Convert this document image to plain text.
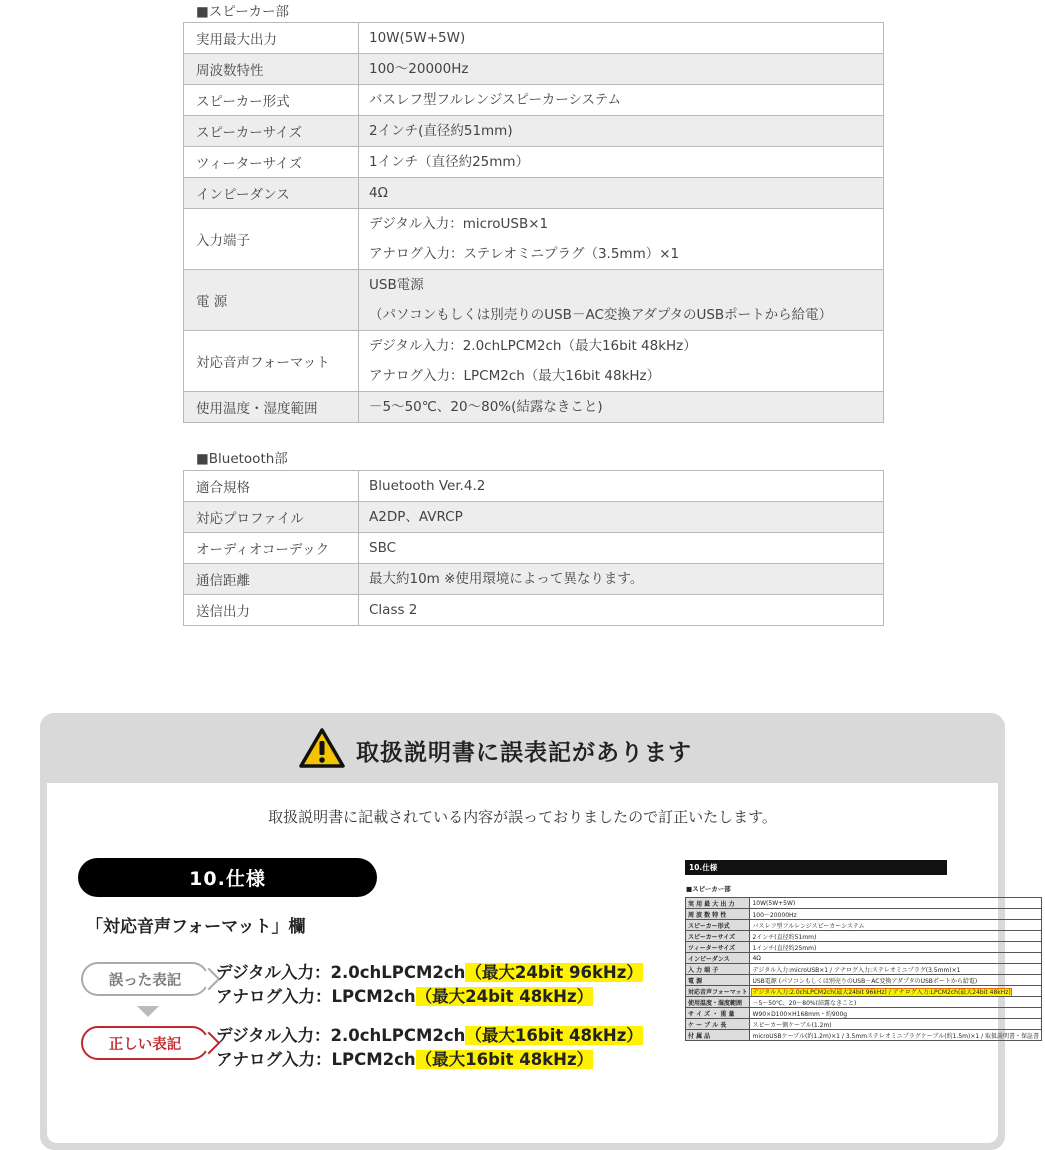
■スピーカー部
実用最大出力	10W(5W+5W)

周波数特性	100～20000Hz

スピーカー形式	バスレフ型フルレンジスピーカーシステム

スピーカーサイズ	2インチ(直径約51mm)

ツィーターサイズ	1インチ（直径約25mm）

インピーダンス	4Ω

入力端子	デジタル入力：microUSB×1
アナログ入力：ステレオミニプラグ（3.5mm）×1

電 源	USB電源
（パソコンもしくは別売りのUSB－AC変換アダプタのUSBポートから給電）

対応音声フォーマット	デジタル入力：2.0chLPCM2ch（最大16bit 48kHz）
アナログ入力：LPCM2ch（最大16bit 48kHz）

使用温度・湿度範囲	－5～50℃、20～80%(結露なきこと)
■Bluetooth部
適合規格	Bluetooth Ver.4.2

対応プロファイル	A2DP、AVRCP

オーディオコーデック	SBC

通信距離	最大約10m ※使用環境によって異なります。

送信出力	Class 2
取扱説明書に誤表記があります
取扱説明書に記載されている内容が誤っておりましたので訂正いたします。
10.仕様
「対応音声フォーマット」欄
誤った表記
正しい表記
デジタル入力：2.0chLPCM2ch（最大24bit 96kHz）
アナログ入力：LPCM2ch（最大24bit 48kHz）
デジタル入力：2.0chLPCM2ch（最大16bit 48kHz）
アナログ入力：LPCM2ch（最大16bit 48kHz）
10.仕様
■スピーカー部
実 用 最 大 出 力	10W(5W+5W)
周 波 数 特 性	100～20000Hz
スピーカー形式	バスレフ型フルレンジスピーカーシステム
スピーカーサイズ	2インチ(直径約51mm)
ツィーターサイズ	1インチ(直径約25mm)
インピーダンス	4Ω
入 力 端 子	デジタル入力:microUSB×1 / アナログ入力:ステレオミニプラグ(3.5mm)×1
電 源	USB電源 (パソコンもしくは別売りのUSB－AC変換アダプタのUSBポートから給電)
対応音声フォーマット	デジタル入力:2.0chLPCM2ch(最大24bit 96kHz) / アナログ入力:LPCM2ch(最大24bit 48kHz)
使用温度・湿度範囲	－5～50℃、20～80%(結露なきこと)
サ イ ズ ・ 重 量	W90×D100×H168mm・約900g
ケ ー ブ ル 長	スピーカー側ケーブル(1.2m)
付 属 品	microUSBケーブル(約1.2m)×1 / 3.5mmステレオミニプラグケーブル(約1.5m)×1 / 取扱説明書・保証書
